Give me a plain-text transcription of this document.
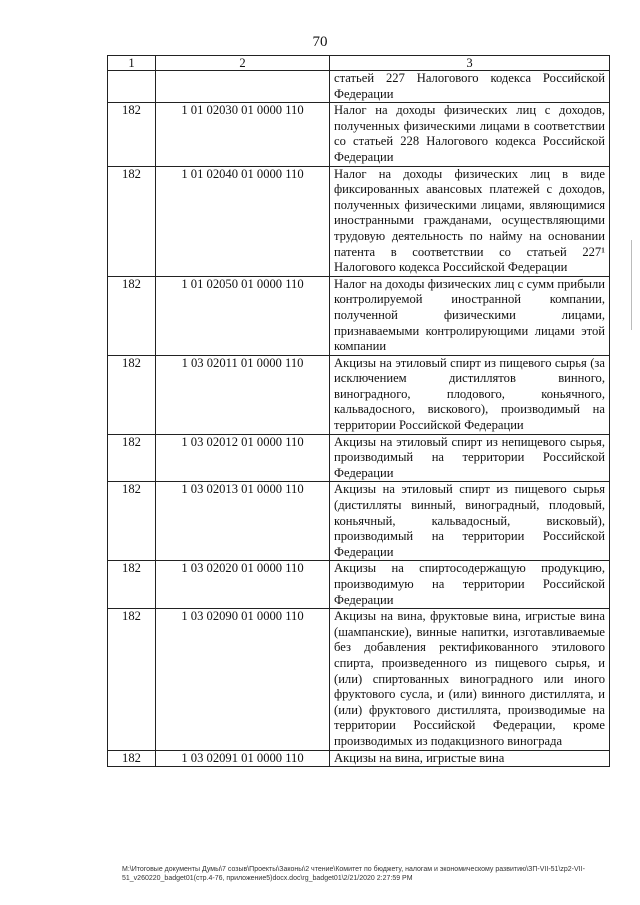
70
1	2	3
		статьей 227 Налогового кодекса Российской Федерации
182	1 01 02030 01 0000 110	Налог на доходы физических лиц с доходов, полученных физическими лицами в соответствии со статьей 228 Налогового кодекса Российской Федерации
182	1 01 02040 01 0000 110	Налог на доходы физических лиц в виде фиксированных авансовых платежей с доходов, полученных физическими лицами, являющимися иностранными гражданами, осуществляющими трудовую деятельность по найму на основании патента в соответствии со статьей 227¹ Налогового кодекса Российской Федерации
182	1 01 02050 01 0000 110	Налог на доходы физических лиц с сумм прибыли контролируемой иностранной компании, полученной физическими лицами, признаваемыми контролирующими лицами этой компании
182	1 03 02011 01 0000 110	Акцизы на этиловый спирт из пищевого сырья (за исключением дистиллятов винного, виноградного, плодового, коньячного, кальвадосного, вискового), производимый на территории Российской Федерации
182	1 03 02012 01 0000 110	Акцизы на этиловый спирт из непищевого сырья, производимый на территории Российской Федерации
182	1 03 02013 01 0000 110	Акцизы на этиловый спирт из пищевого сырья (дистилляты винный, виноградный, плодовый, коньячный, кальвадосный, висковый), производимый на территории Российской Федерации
182	1 03 02020 01 0000 110	Акцизы на спиртосодержащую продукцию, производимую на территории Российской Федерации
182	1 03 02090 01 0000 110	Акцизы на вина, фруктовые вина, игристые вина (шампанские), винные напитки, изготавливаемые без добавления ректификованного этилового спирта, произведенного из пищевого сырья, и (или) спиртованных виноградного или иного фруктового сусла, и (или) винного дистиллята, и (или) фруктового дистиллята, производимые на территории Российской Федерации, кроме производимых из подакцизного винограда
182	1 03 02091 01 0000 110	Акцизы на вина, игристые вина
М:\Итоговые документы Думы\7 созыв\Проекты\Законы\2 чтение\Комитет по бюджету, налогам и экономическому развитию\ЗП-VII-51\zp2-VII-51_v260220_badget01(стр.4-76, приложение5)docx.doc\rg_badget01\2/21/2020 2:27:59 PM
